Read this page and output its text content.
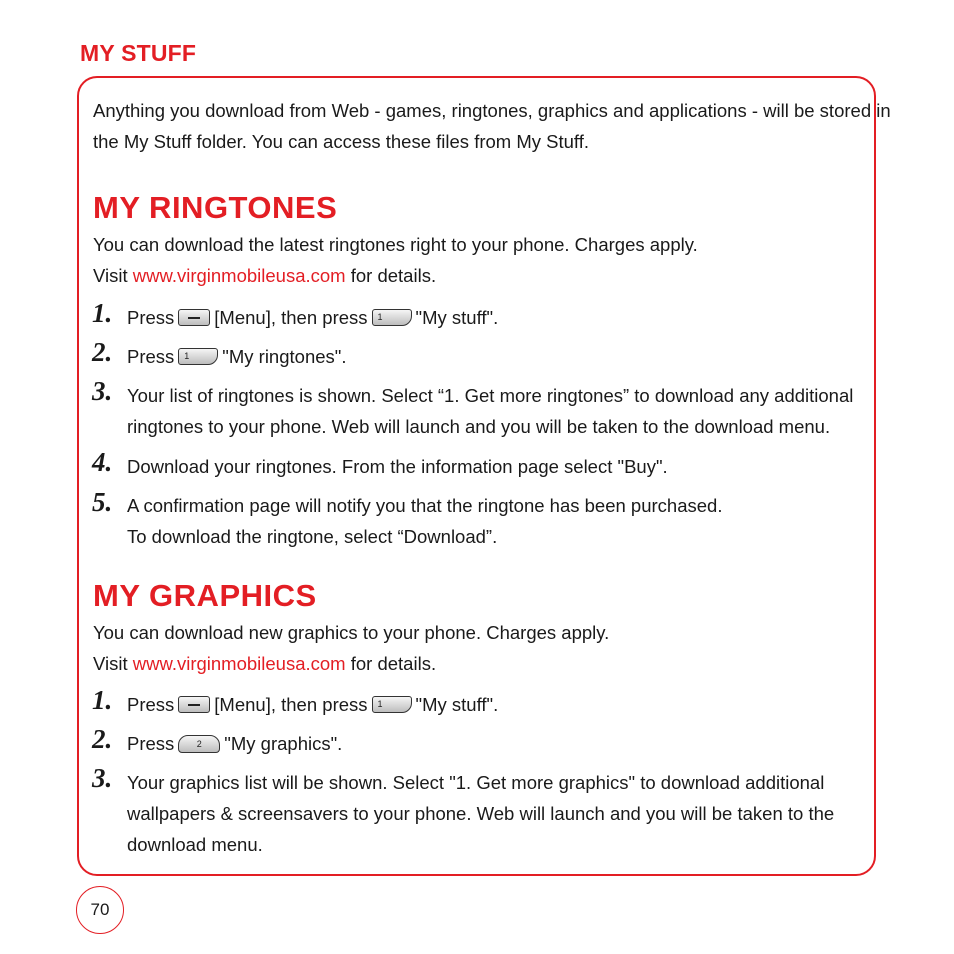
MY STUFF
Anything you download from Web - games, ringtones, graphics and applications - will be stored in
the My Stuff folder. You can access these files from My Stuff.
MY RINGTONES
You can download the latest ringtones right to your phone. Charges apply.
Visit www.virginmobileusa.com for details.
1. Press [Menu], then press	1	"My stuff".
2. Press	1	"My ringtones".
3. Your list of ringtones is shown. Select “1. Get more ringtones” to download any additional
ringtones to your phone. Web will launch and you will be taken to the download menu.
4. Download your ringtones. From the information page select "Buy".
5. A confirmation page will notify you that the ringtone has been purchased.
To download the ringtone, select “Download”.
MY GRAPHICS
You can download new graphics to your phone. Charges apply.
Visit www.virginmobileusa.com for details.
1. Press [Menu], then press	1	"My stuff".
2. Press	2	"My graphics".
3. Your graphics list will be shown. Select "1. Get more graphics" to download additional
wallpapers & screensavers to your phone. Web will launch and you will be taken to the
download menu.
70
